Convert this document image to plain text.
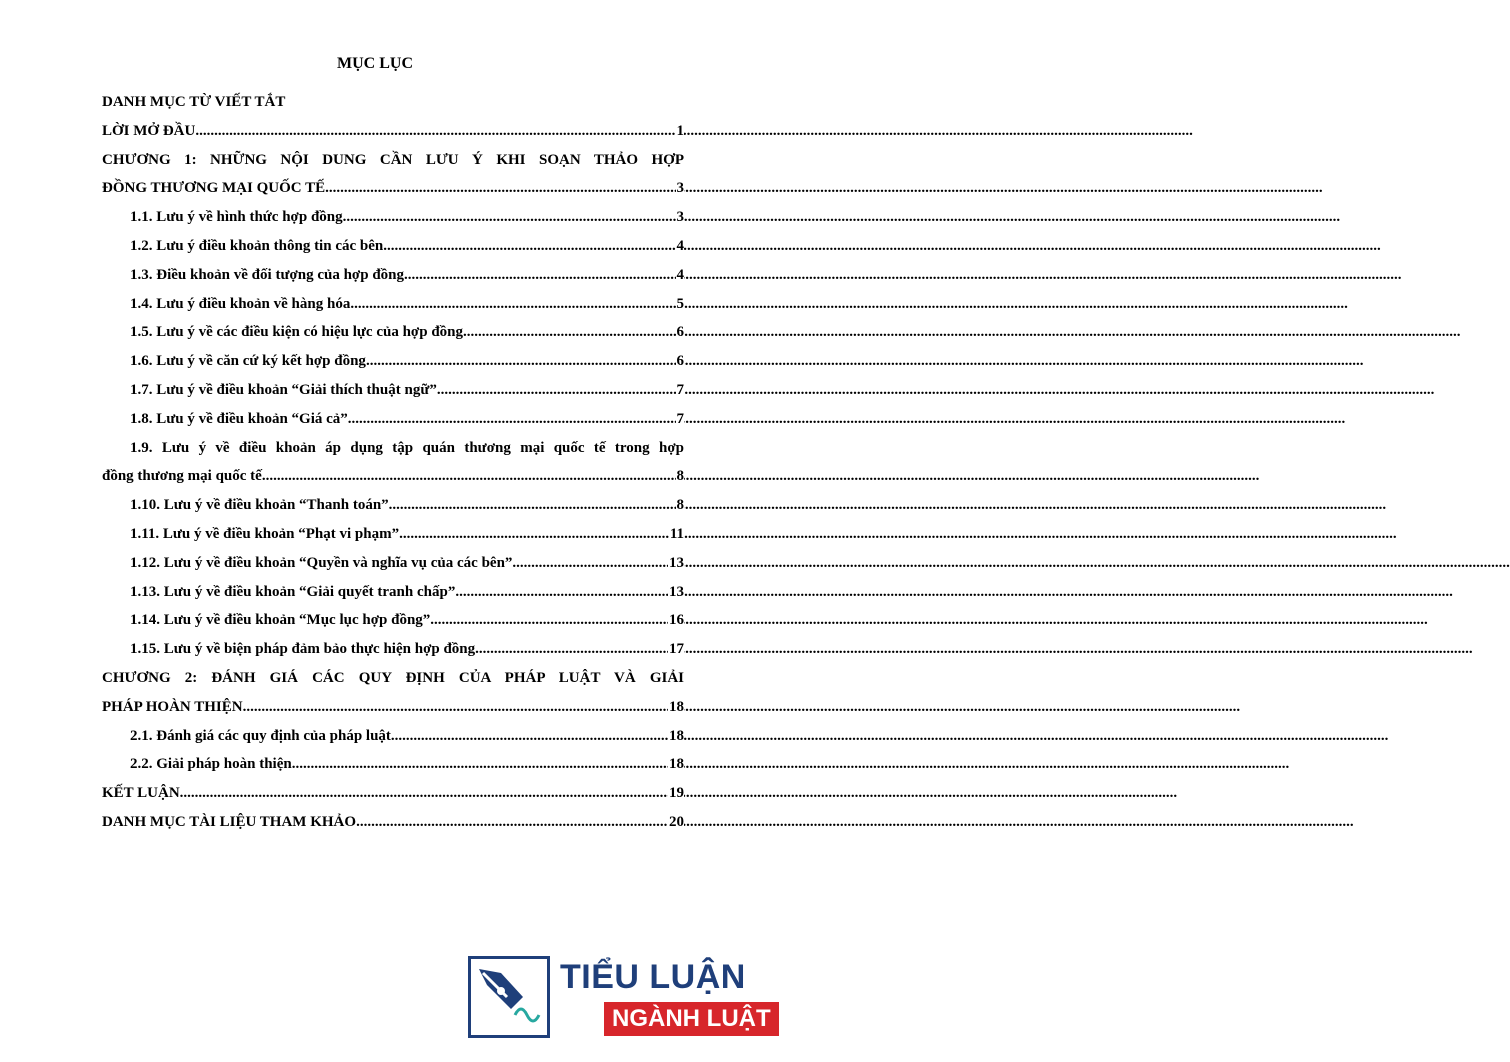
MỤC LỤC
DANH MỤC TỪ VIẾT TẮT
LỜI MỞ ĐẦU .....	1
CHƯƠNG 1: NHỮNG NỘI DUNG CẦN LƯU Ý KHI SOẠN THẢO HỢP
ĐỒNG THƯƠNG MẠI QUỐC TẾ .....	3
1.1. Lưu ý về hình thức hợp đồng .....	3
1.2. Lưu ý điều khoản thông tin các bên .....	4
1.3. Điều khoản về đối tượng của hợp đồng .....	4
1.4. Lưu ý điều khoản về hàng hóa .....	5
1.5. Lưu ý về các điều kiện có hiệu lực của hợp đồng .....	6
1.6. Lưu ý về căn cứ ký kết hợp đồng .....	6
1.7. Lưu ý về điều khoản “Giải thích thuật ngữ” .....	7
1.8. Lưu ý về điều khoản “Giá cả” .....	7
1.9. Lưu ý về điều khoản áp dụng tập quán thương mại quốc tế trong hợp
đồng thương mại quốc tế .....	8
1.10. Lưu ý về điều khoản “Thanh toán” .....	8
1.11. Lưu ý về điều khoản “Phạt vi phạm” .....	11
1.12. Lưu ý về điều khoản “Quyền và nghĩa vụ của các bên” .....	13
1.13. Lưu ý về điều khoản “Giải quyết tranh chấp” .....	13
1.14. Lưu ý về điều khoản “Mục lục hợp đồng” .....	16
1.15. Lưu ý về biện pháp đảm bảo thực hiện hợp đồng .....	17
CHƯƠNG 2: ĐÁNH GIÁ CÁC QUY ĐỊNH CỦA PHÁP LUẬT VÀ GIẢI
PHÁP HOÀN THIỆN .....	18
2.1. Đánh giá các quy định của pháp luật .....	18
2.2. Giải pháp hoàn thiện .....	18
KẾT LUẬN .....	19
DANH MỤC TÀI LIỆU THAM KHẢO .....	20
TIỂU LUẬN
NGÀNH LUẬT
